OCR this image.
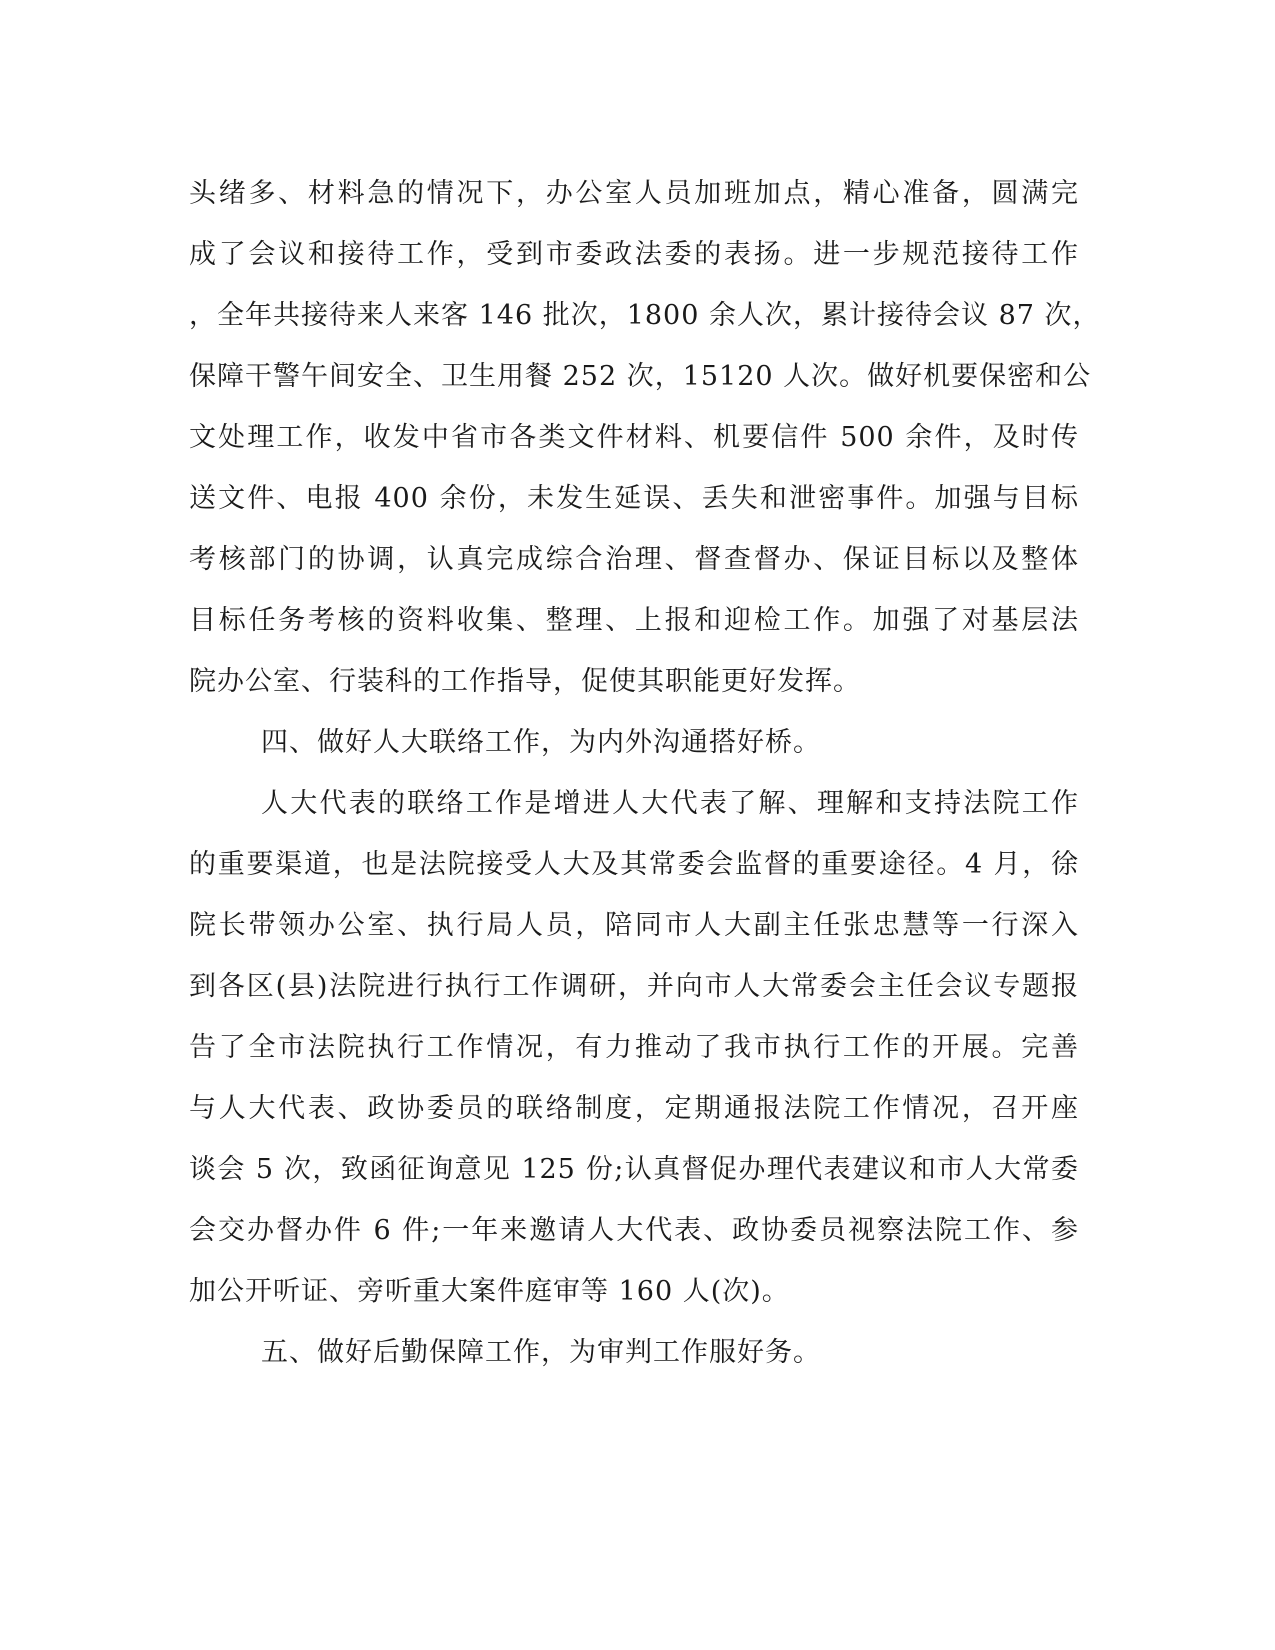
头绪多、材料急的情况下，办公室人员加班加点，精心准备，圆满完
成了会议和接待工作，受到市委政法委的表扬。进一步规范接待工作
，全年共接待来人来客 146 批次，1800 余人次，累计接待会议 87 次，
保障干警午间安全、卫生用餐 252 次，15120 人次。做好机要保密和公
文处理工作，收发中省市各类文件材料、机要信件 500 余件，及时传
送文件、电报 400 余份，未发生延误、丢失和泄密事件。加强与目标
考核部门的协调，认真完成综合治理、督查督办、保证目标以及整体
目标任务考核的资料收集、整理、上报和迎检工作。加强了对基层法
院办公室、行装科的工作指导，促使其职能更好发挥。
四、做好人大联络工作，为内外沟通搭好桥。
人大代表的联络工作是增进人大代表了解、理解和支持法院工作
的重要渠道，也是法院接受人大及其常委会监督的重要途径。4 月，徐
院长带领办公室、执行局人员，陪同市人大副主任张忠慧等一行深入
到各区(县)法院进行执行工作调研，并向市人大常委会主任会议专题报
告了全市法院执行工作情况，有力推动了我市执行工作的开展。完善
与人大代表、政协委员的联络制度，定期通报法院工作情况，召开座
谈会 5 次，致函征询意见 125 份;认真督促办理代表建议和市人大常委
会交办督办件 6 件;一年来邀请人大代表、政协委员视察法院工作、参
加公开听证、旁听重大案件庭审等 160 人(次)。
五、做好后勤保障工作，为审判工作服好务。
